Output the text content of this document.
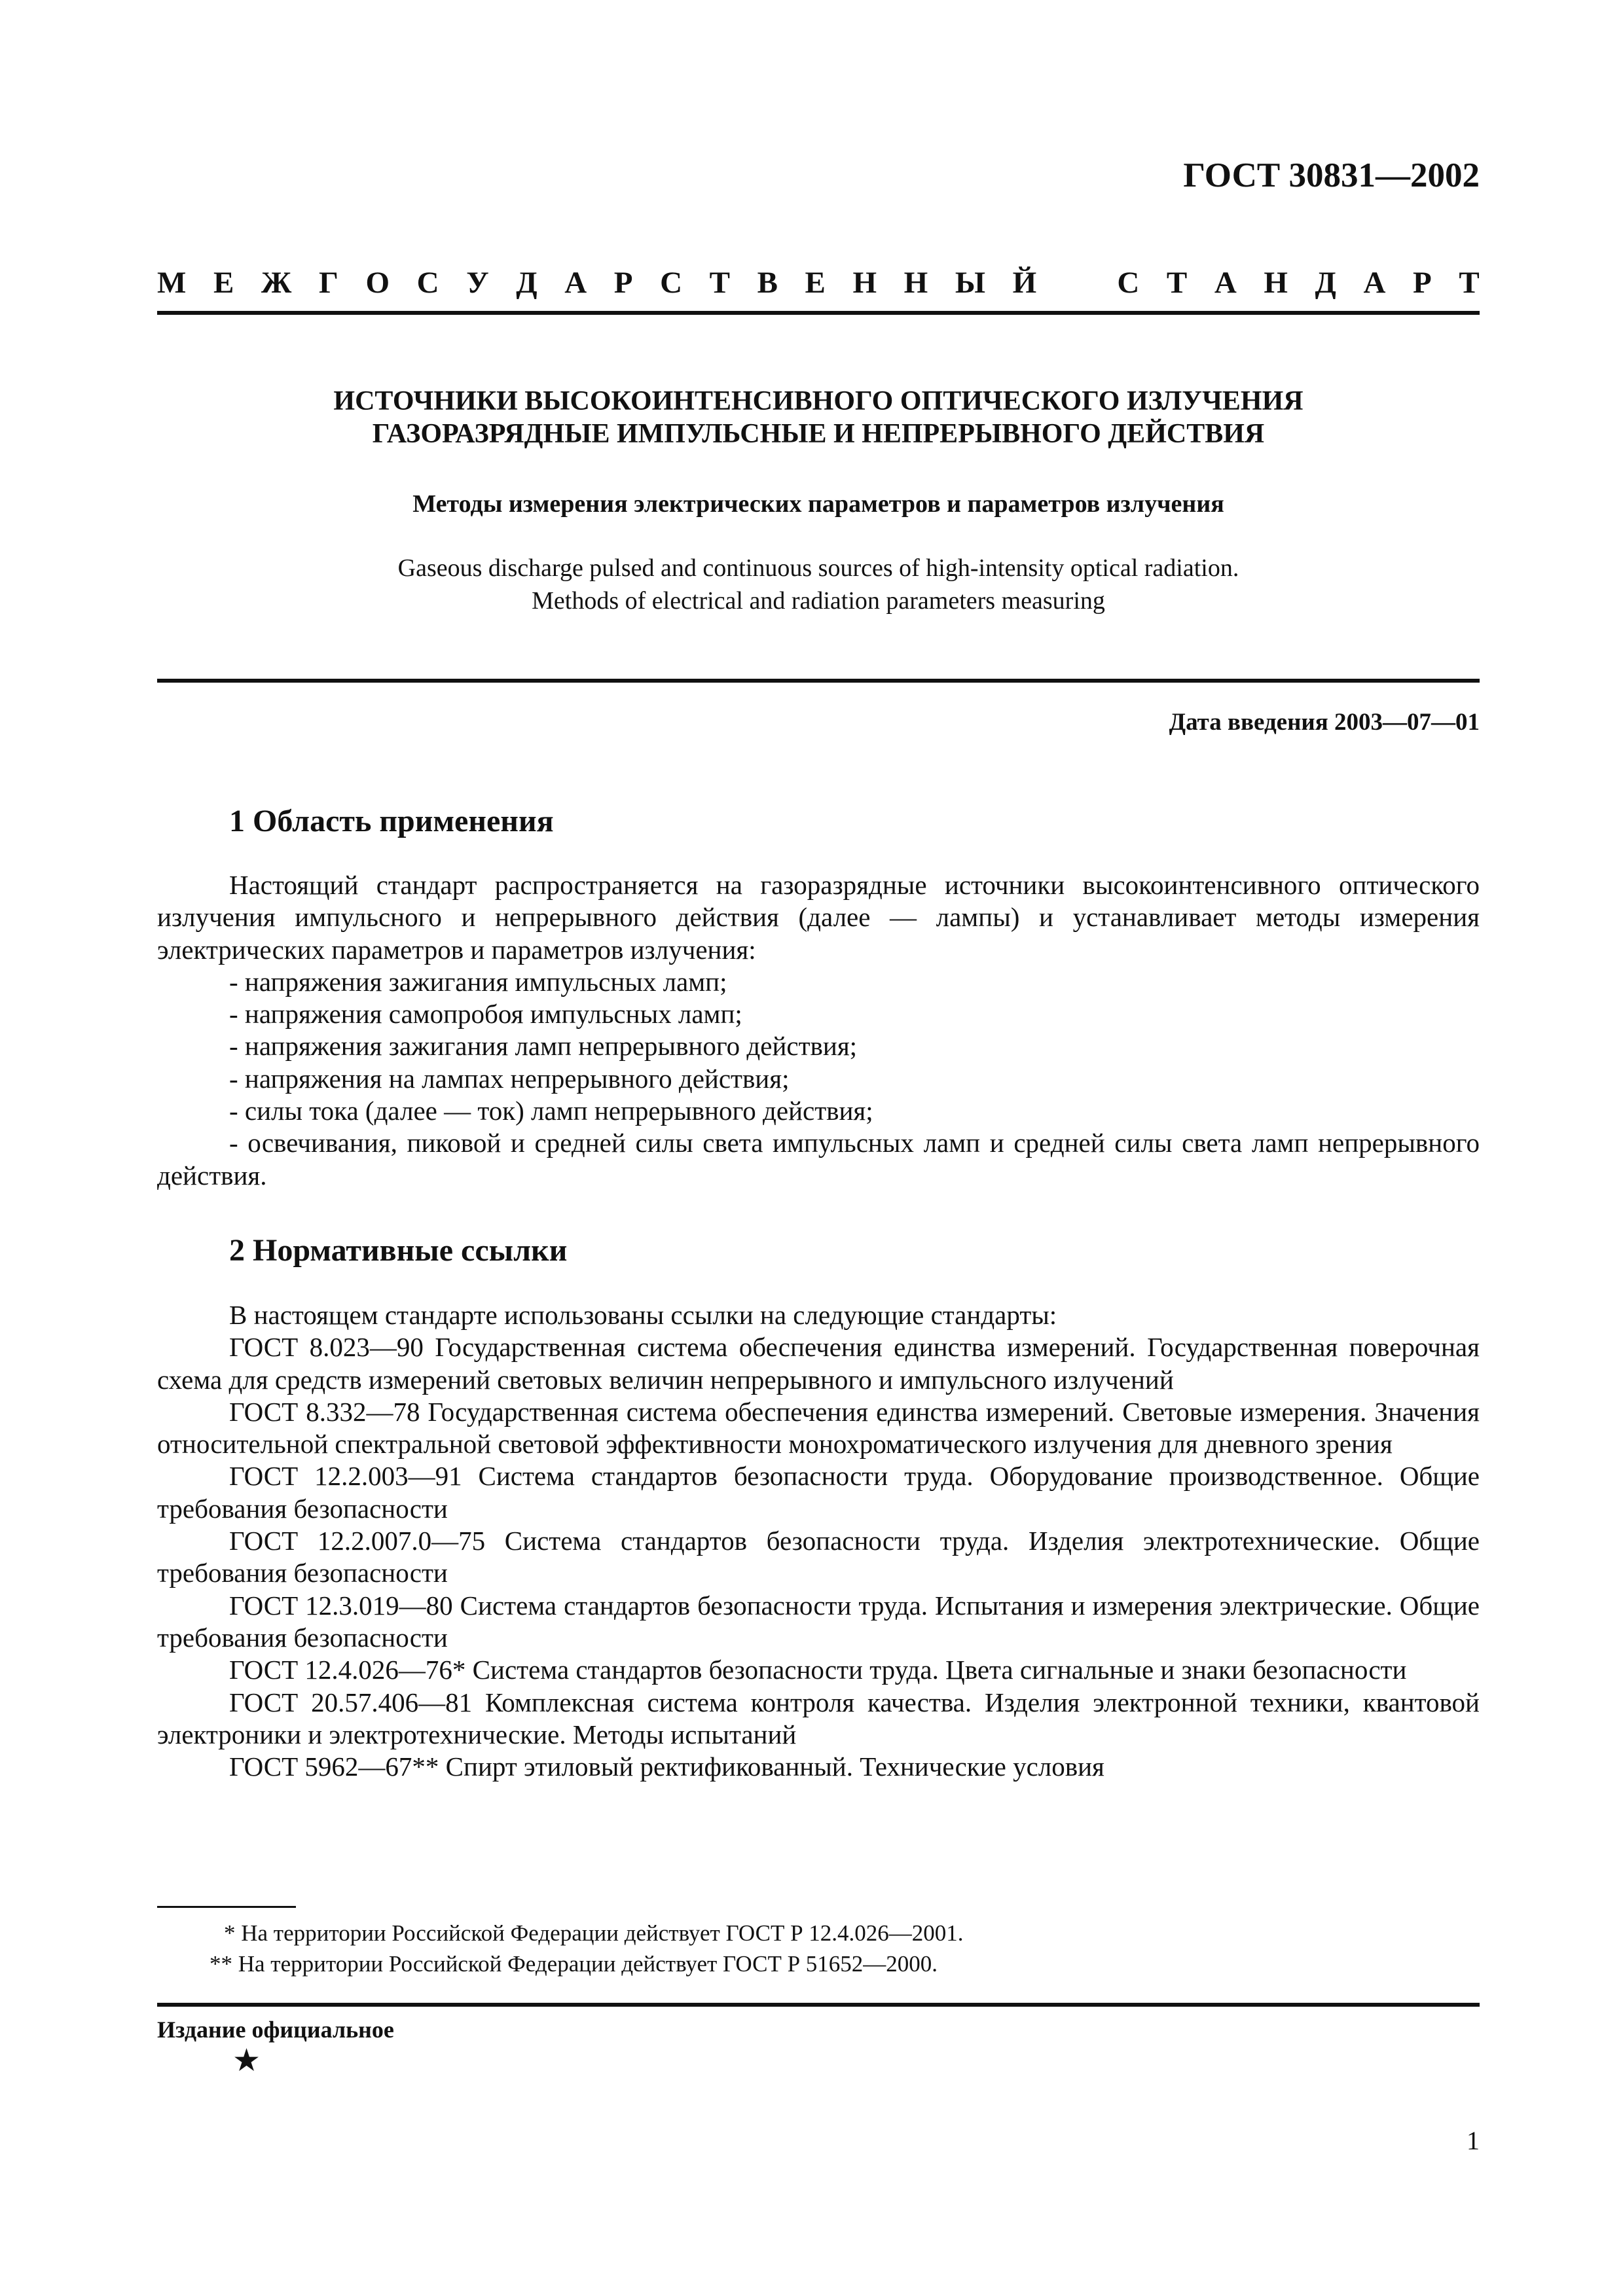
ГОСТ 30831—2002
М Е Ж Г О С У Д А Р С Т В Е Н Н Ы Й	С Т А Н Д А Р Т
ИСТОЧНИКИ ВЫСОКОИНТЕНСИВНОГО ОПТИЧЕСКОГО ИЗЛУЧЕНИЯ
ГАЗОРАЗРЯДНЫЕ ИМПУЛЬСНЫЕ И НЕПРЕРЫВНОГО ДЕЙСТВИЯ
Методы измерения электрических параметров и параметров излучения
Gaseous discharge pulsed and continuous sources of high-intensity optical radiation.
Methods of electrical and radiation parameters measuring
Дата введения 2003—07—01
1 Область применения

Настоящий стандарт распространяется на газоразрядные источники высокоинтенсивного оптического излучения импульсного и непрерывного действия (далее — лампы) и устанавливает методы измерения электрических параметров и параметров излучения:

- напряжения зажигания импульсных ламп;

- напряжения самопробоя импульсных ламп;

- напряжения зажигания ламп непрерывного действия;

- напряжения на лампах непрерывного действия;

- силы тока (далее — ток) ламп непрерывного действия;

- освечивания, пиковой и средней силы света импульсных ламп и средней силы света ламп непрерывного действия.

2 Нормативные ссылки

В настоящем стандарте использованы ссылки на следующие стандарты:

ГОСТ 8.023—90 Государственная система обеспечения единства измерений. Государственная поверочная схема для средств измерений световых величин непрерывного и импульсного излучений

ГОСТ 8.332—78 Государственная система обеспечения единства измерений. Световые измерения. Значения относительной спектральной световой эффективности монохроматического излучения для дневного зрения

ГОСТ 12.2.003—91 Система стандартов безопасности труда. Оборудование производственное. Общие требования безопасности

ГОСТ 12.2.007.0—75 Система стандартов безопасности труда. Изделия электротехнические. Общие требования безопасности

ГОСТ 12.3.019—80 Система стандартов безопасности труда. Испытания и измерения электрические. Общие требования безопасности

ГОСТ 12.4.026—76* Система стандартов безопасности труда. Цвета сигнальные и знаки безопасности

ГОСТ 20.57.406—81 Комплексная система контроля качества. Изделия электронной техники, квантовой электроники и электротехнические. Методы испытаний

ГОСТ 5962—67** Спирт этиловый ректификованный. Технические условия

* На территории Российской Федерации действует ГОСТ Р 12.4.026—2001.

** На территории Российской Федерации действует ГОСТ Р 51652—2000.

Издание официальное
★
1
